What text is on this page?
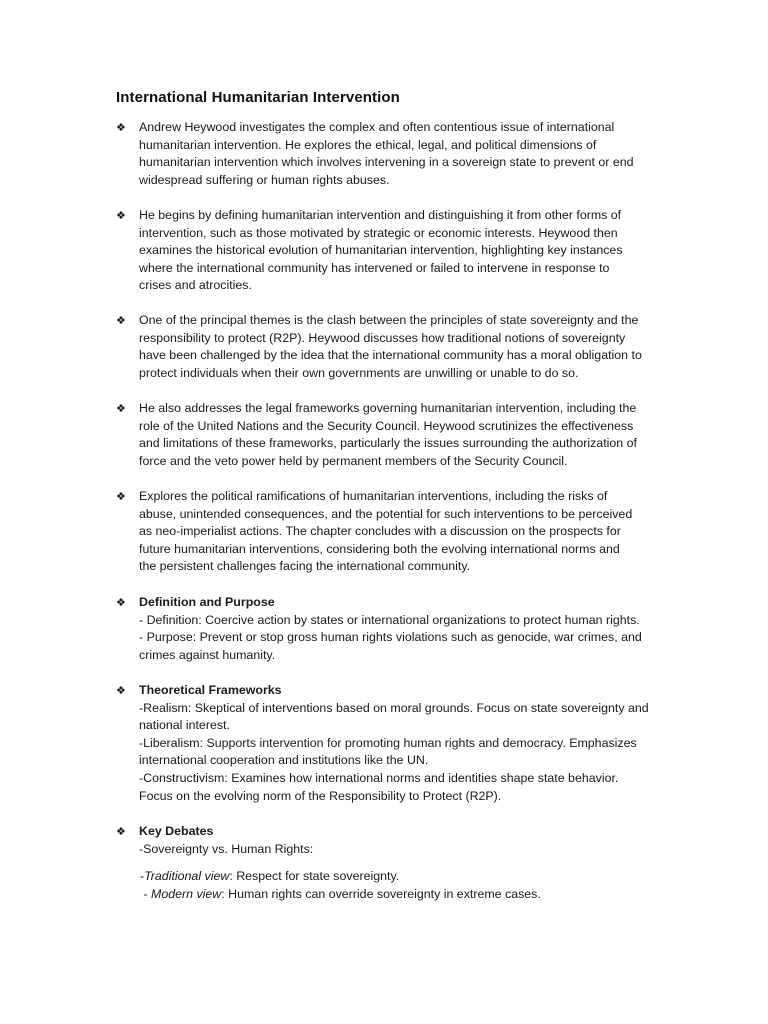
International Humanitarian Intervention
❖	Andrew Heywood investigates the complex and often contentious issue of international
humanitarian intervention. He explores the ethical, legal, and political dimensions of
humanitarian intervention which involves intervening in a sovereign state to prevent or end
widespread suffering or human rights abuses.
❖	He begins by defining humanitarian intervention and distinguishing it from other forms of
intervention, such as those motivated by strategic or economic interests. Heywood then
examines the historical evolution of humanitarian intervention, highlighting key instances
where the international community has intervened or failed to intervene in response to
crises and atrocities.
❖	One of the principal themes is the clash between the principles of state sovereignty and the
responsibility to protect (R2P). Heywood discusses how traditional notions of sovereignty
have been challenged by the idea that the international community has a moral obligation to
protect individuals when their own governments are unwilling or unable to do so.
❖	He also addresses the legal frameworks governing humanitarian intervention, including the
role of the United Nations and the Security Council. Heywood scrutinizes the effectiveness
and limitations of these frameworks, particularly the issues surrounding the authorization of
force and the veto power held by permanent members of the Security Council.
❖	Explores the political ramifications of humanitarian interventions, including the risks of
abuse, unintended consequences, and the potential for such interventions to be perceived
as neo-imperialist actions. The chapter concludes with a discussion on the prospects for
future humanitarian interventions, considering both the evolving international norms and
the persistent challenges facing the international community.
❖	Definition and Purpose
- Definition: Coercive action by states or international organizations to protect human rights.
- Purpose: Prevent or stop gross human rights violations such as genocide, war crimes, and
crimes against humanity.
❖	Theoretical Frameworks
-Realism: Skeptical of interventions based on moral grounds. Focus on state sovereignty and
national interest.
-Liberalism: Supports intervention for promoting human rights and democracy. Emphasizes
international cooperation and institutions like the UN.
-Constructivism: Examines how international norms and identities shape state behavior.
Focus on the evolving norm of the Responsibility to Protect (R2P).
❖	Key Debates
-Sovereignty vs. Human Rights:
-Traditional view: Respect for state sovereignty.
- Modern view: Human rights can override sovereignty in extreme cases.
